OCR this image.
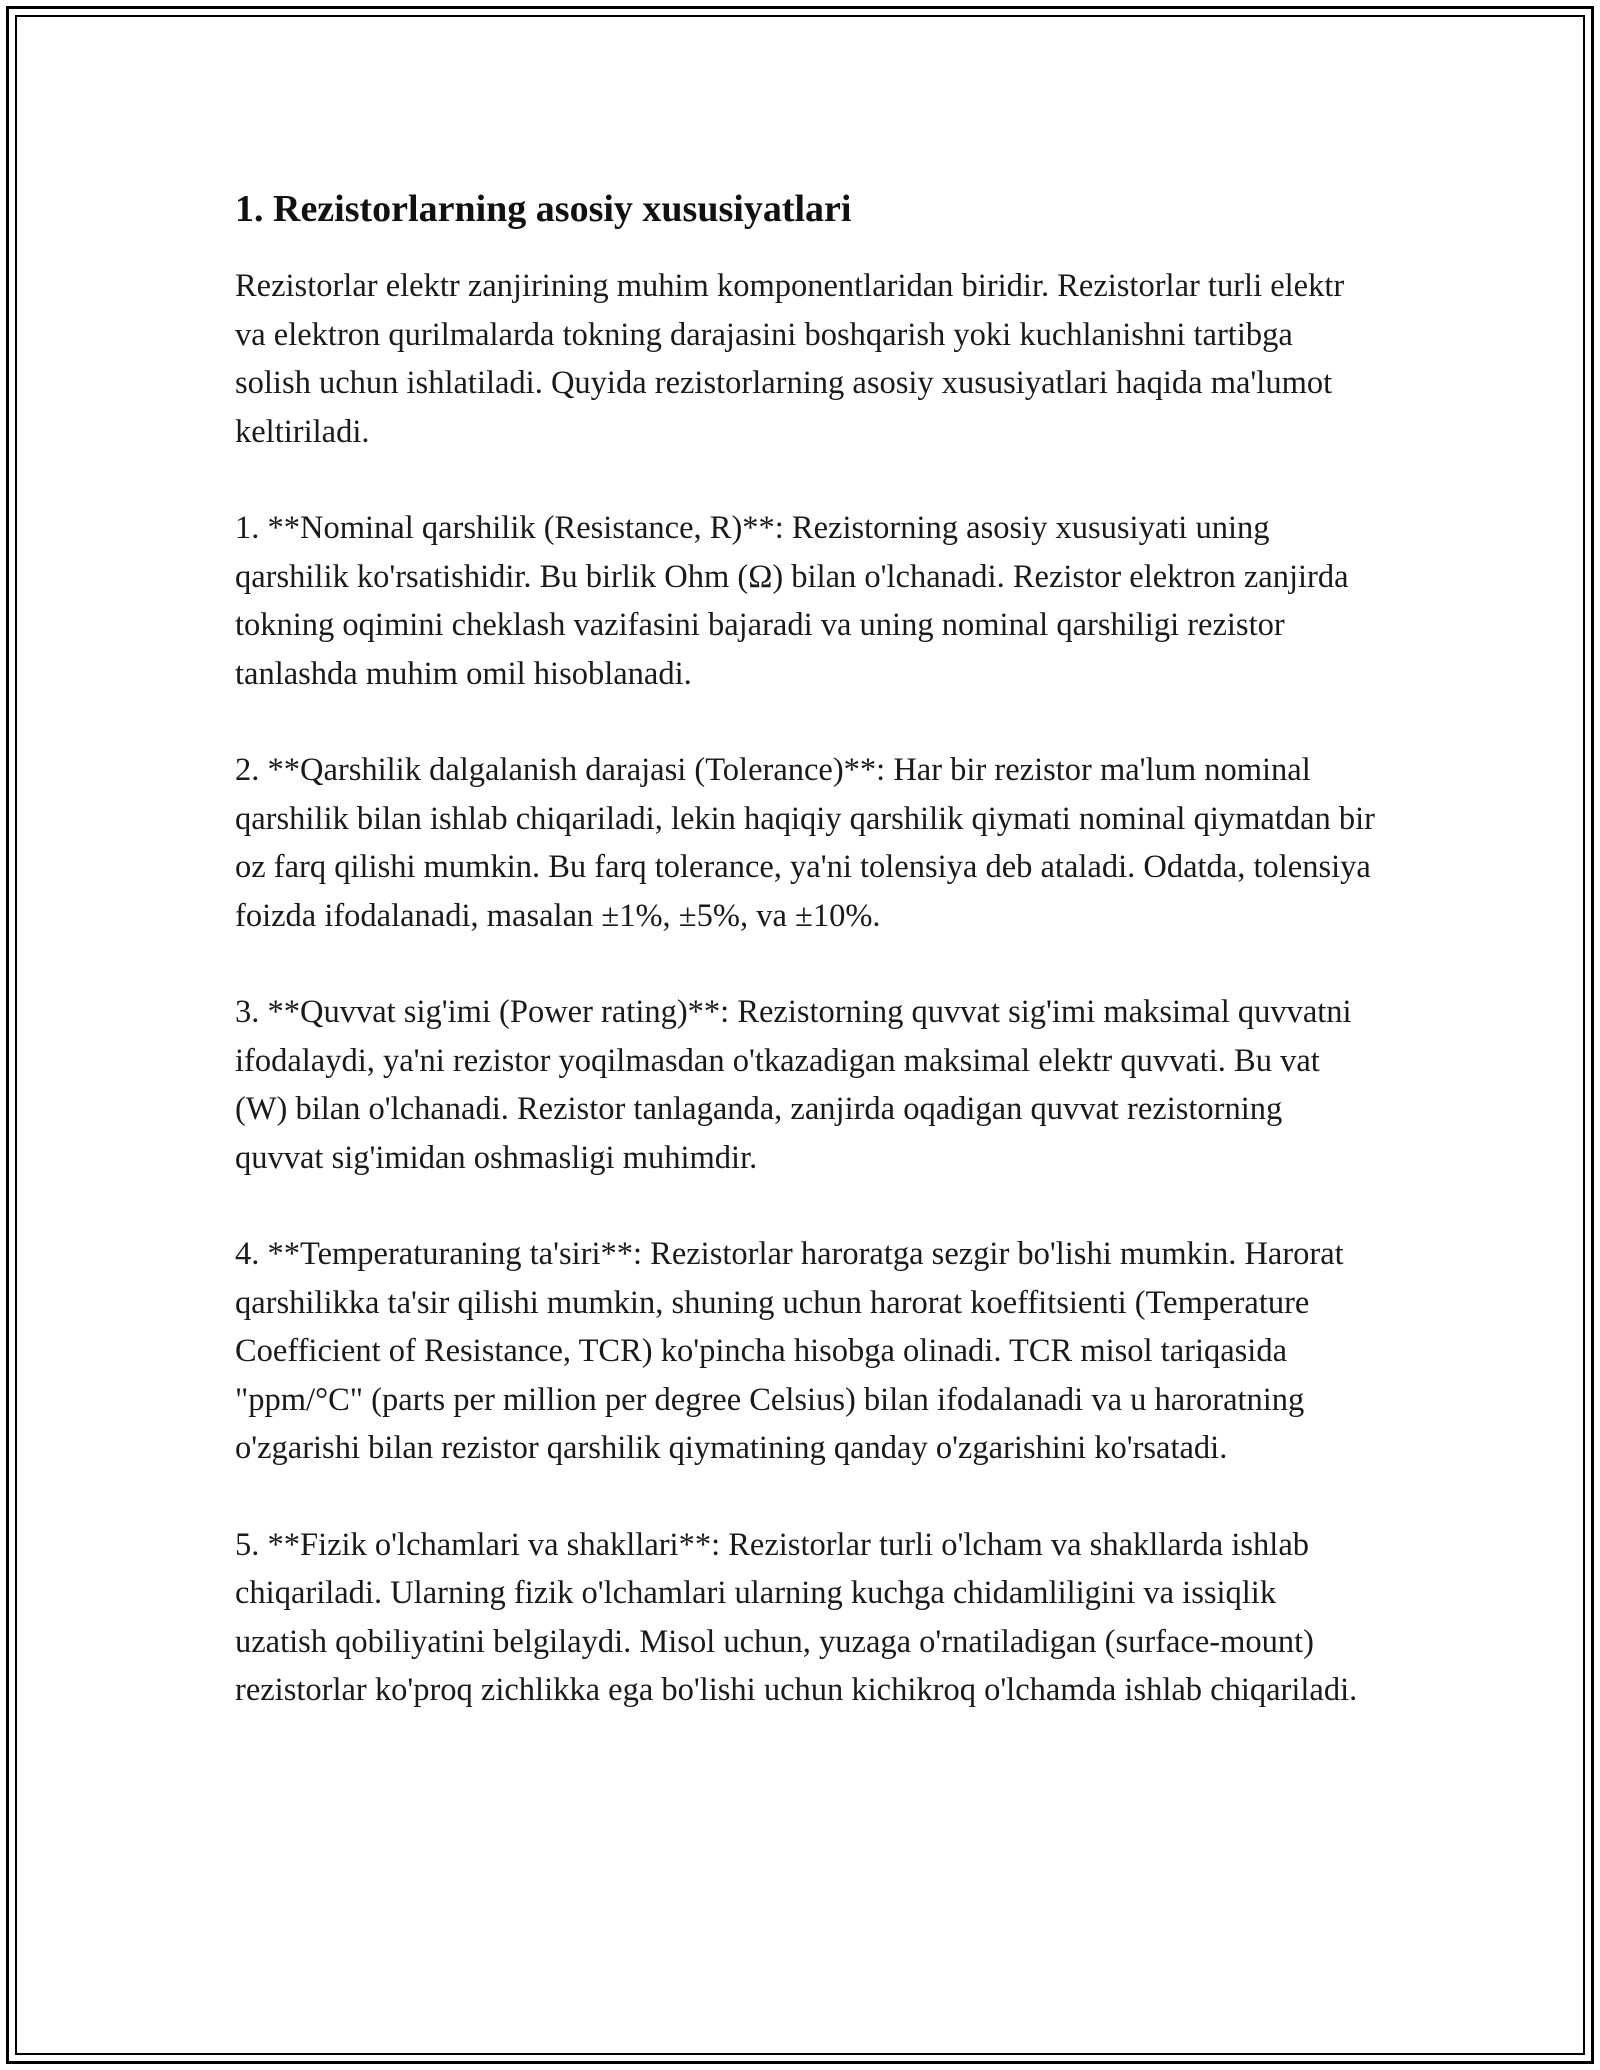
1. Rezistorlarning asosiy xususiyatlari

Rezistorlar elektr zanjirining muhim komponentlaridan biridir. Rezistorlar turli elektr va elektron qurilmalarda tokning darajasini boshqarish yoki kuchlanishni tartibga solish uchun ishlatiladi. Quyida rezistorlarning asosiy xususiyatlari haqida ma'lumot keltiriladi.

1. **Nominal qarshilik (Resistance, R)**: Rezistorning asosiy xususiyati uning qarshilik ko'rsatishidir. Bu birlik Ohm (Ω) bilan o'lchanadi. Rezistor elektron zanjirda tokning oqimini cheklash vazifasini bajaradi va uning nominal qarshiligi rezistor tanlashda muhim omil hisoblanadi.

2. **Qarshilik dalgalanish darajasi (Tolerance)**: Har bir rezistor ma'lum nominal qarshilik bilan ishlab chiqariladi, lekin haqiqiy qarshilik qiymati nominal qiymatdan bir oz farq qilishi mumkin. Bu farq tolerance, ya'ni tolensiya deb ataladi. Odatda, tolensiya foizda ifodalanadi, masalan ±1%, ±5%, va ±10%.

3. **Quvvat sig'imi (Power rating)**: Rezistorning quvvat sig'imi maksimal quvvatni ifodalaydi, ya'ni rezistor yoqilmasdan o'tkazadigan maksimal elektr quvvati. Bu vat (W) bilan o'lchanadi. Rezistor tanlaganda, zanjirda oqadigan quvvat rezistorning quvvat sig'imidan oshmasligi muhimdir.

4. **Temperaturaning ta'siri**: Rezistorlar haroratga sezgir bo'lishi mumkin. Harorat qarshilikka ta'sir qilishi mumkin, shuning uchun harorat koeffitsienti (Temperature Coefficient of Resistance, TCR) ko'pincha hisobga olinadi. TCR misol tariqasida "ppm/°C" (parts per million per degree Celsius) bilan ifodalanadi va u haroratning o'zgarishi bilan rezistor qarshilik qiymatining qanday o'zgarishini ko'rsatadi.

5. **Fizik o'lchamlari va shakllari**: Rezistorlar turli o'lcham va shakllarda ishlab chiqariladi. Ularning fizik o'lchamlari ularning kuchga chidamliligini va issiqlik uzatish qobiliyatini belgilaydi. Misol uchun, yuzaga o'rnatiladigan (surface-mount) rezistorlar ko'proq zichlikka ega bo'lishi uchun kichikroq o'lchamda ishlab chiqariladi.
